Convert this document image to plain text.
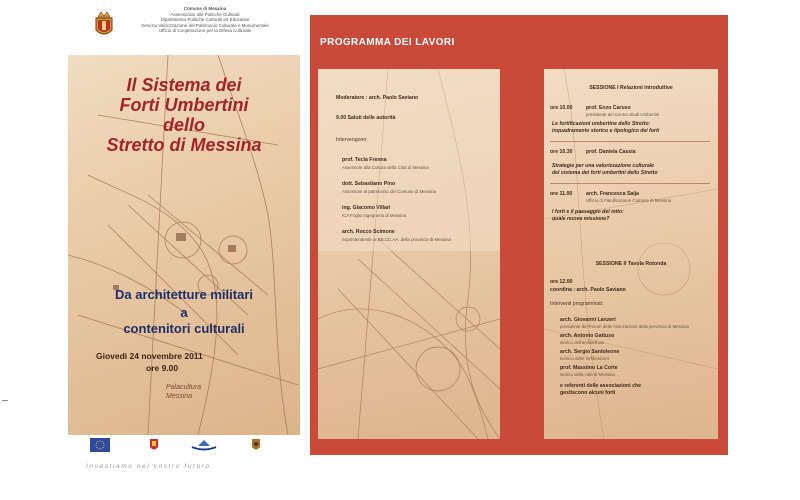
Comune di Messina
Assessorato alle Politiche Culturali
Dipartimento Politiche Culturali ed Educative
Servizio Valorizzazione del Patrimonio Culturale e Monumentale
Ufficio di Cooperazione per la Difesa Culturale
Il Sistema dei
Forti Umbertini
dello
Stretto di Messina
Da architetture militari
a
contenitori culturali
Giovedì 24 novembre 2011
ore 9.00
Palacultura
Messina
Investiamo nel vostro futuro
PROGRAMMA DEI LAVORI
Moderatore : arch. Paolo Saviano
9.00 Saluti delle autorità
Intervengono:
prof. Tecla Frenna
Assessore alla Cultura della Città di Messina
dott. Sebastiano Pino
Assessore al patrimonio del Comune di Messina
ing. Giacomo Villari
ICA Foglio ingegneria di Messina
arch. Rocco Scimone
Soprintendente ai BB.CC.AA. della provincia di Messina
SESSIONE I Relazioni introduttive
ore 10.00	prof. Enzo Caruso
presidente del Centro Studi Umbertini
Le fortificazioni umbertine dello Stretto:
inquadramento storico e tipologico dei forti
ore 10.30	prof. Daniela Cassia
Strategie per una valorizzazione culturale
del sistema dei forti umbertini dello Stretto
ore 11.00	arch. Francesca Saija
Ufficio di Pianificazione Comune di Messina
I forti e il paesaggio del mito:
quale nuova missione?
SESSIONE II Tavola Rotonda
ore 12.00
coordina : arch. Paolo Saviano
Interventi programmati:
arch. Giovanni Lanzeri
presidente del Forum delle Associazioni della provincia di Messina
arch. Antonio Gattuso
storico dell'architettura
arch. Sergio Santoleone
tecnico delle fortificazioni
prof. Massimo La Corte
storico della città di Messina
e referenti delle associazioni che
gestiscono alcuni forti
